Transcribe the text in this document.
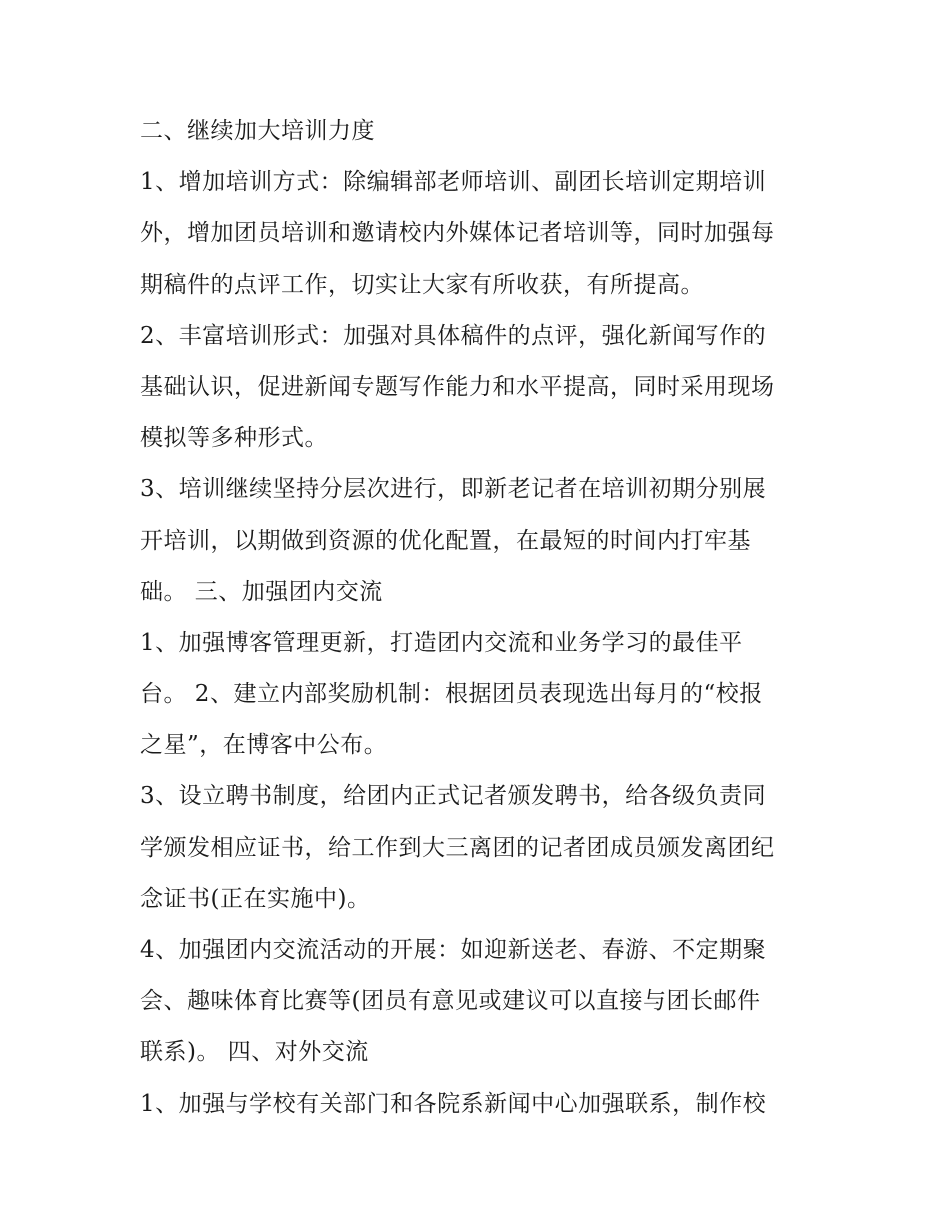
二、继续加大培训力度
1、增加培训方式：除编辑部老师培训、副团长培训定期培训
外，增加团员培训和邀请校内外媒体记者培训等，同时加强每
期稿件的点评工作，切实让大家有所收获，有所提高。
2、丰富培训形式：加强对具体稿件的点评，强化新闻写作的
基础认识，促进新闻专题写作能力和水平提高，同时采用现场
模拟等多种形式。
3、培训继续坚持分层次进行，即新老记者在培训初期分别展
开培训，以期做到资源的优化配置，在最短的时间内打牢基
础。 三、加强团内交流
1、加强博客管理更新，打造团内交流和业务学习的最佳平
台。 2、建立内部奖励机制：根据团员表现选出每月的“校报
之星”，在博客中公布。
3、设立聘书制度，给团内正式记者颁发聘书，给各级负责同
学颁发相应证书，给工作到大三离团的记者团成员颁发离团纪
念证书(正在实施中)。
4、加强团内交流活动的开展：如迎新送老、春游、不定期聚
会、趣味体育比赛等(团员有意见或建议可以直接与团长邮件
联系)。 四、对外交流
1、加强与学校有关部门和各院系新闻中心加强联系，制作校
